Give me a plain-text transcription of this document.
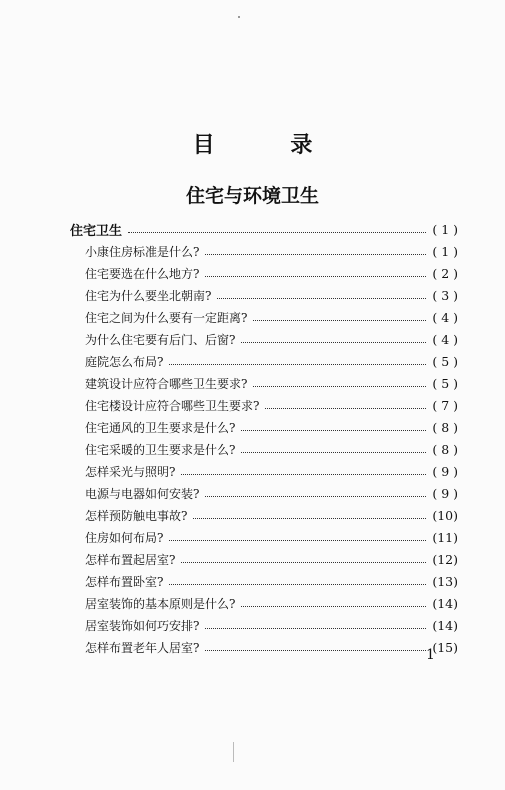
目 录
住宅与环境卫生
住宅卫生	( 1 )
小康住房标准是什么?	( 1 )
住宅要选在什么地方?	( 2 )
住宅为什么要坐北朝南?	( 3 )
住宅之间为什么要有一定距离?	( 4 )
为什么住宅要有后门、后窗?	( 4 )
庭院怎么布局?	( 5 )
建筑设计应符合哪些卫生要求?	( 5 )
住宅楼设计应符合哪些卫生要求?	( 7 )
住宅通风的卫生要求是什么?	( 8 )
住宅采暖的卫生要求是什么?	( 8 )
怎样采光与照明?	( 9 )
电源与电器如何安装?	( 9 )
怎样预防触电事故?	(10)
住房如何布局?	(11)
怎样布置起居室?	(12)
怎样布置卧室?	(13)
居室装饰的基本原则是什么?	(14)
居室装饰如何巧安排?	(14)
怎样布置老年人居室?	(15)
1
